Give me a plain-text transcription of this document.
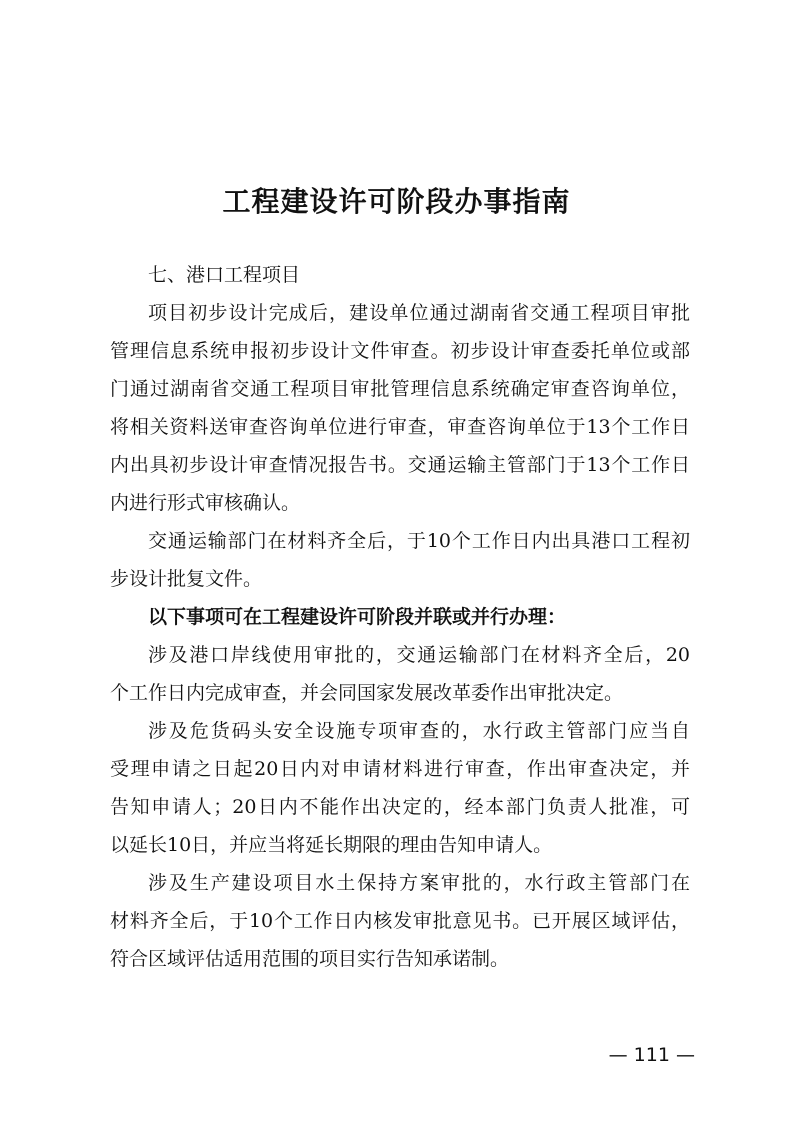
工程建设许可阶段办事指南
七、港口工程项目
项目初步设计完成后，建设单位通过湖南省交通工程项目审批
管理信息系统申报初步设计文件审查。初步设计审查委托单位或部
门通过湖南省交通工程项目审批管理信息系统确定审查咨询单位，
将相关资料送审查咨询单位进行审查，审查咨询单位于13个工作日
内出具初步设计审查情况报告书。交通运输主管部门于13个工作日
内进行形式审核确认。
交通运输部门在材料齐全后，于10个工作日内出具港口工程初
步设计批复文件。
以下事项可在工程建设许可阶段并联或并行办理：
涉及港口岸线使用审批的，交通运输部门在材料齐全后，20
个工作日内完成审查，并会同国家发展改革委作出审批决定。
涉及危货码头安全设施专项审查的，水行政主管部门应当自
受理申请之日起20日内对申请材料进行审查，作出审查决定，并
告知申请人；20日内不能作出决定的，经本部门负责人批准，可
以延长10日，并应当将延长期限的理由告知申请人。
涉及生产建设项目水土保持方案审批的，水行政主管部门在
材料齐全后，于10个工作日内核发审批意见书。已开展区域评估，
符合区域评估适用范围的项目实行告知承诺制。
— 111 —
